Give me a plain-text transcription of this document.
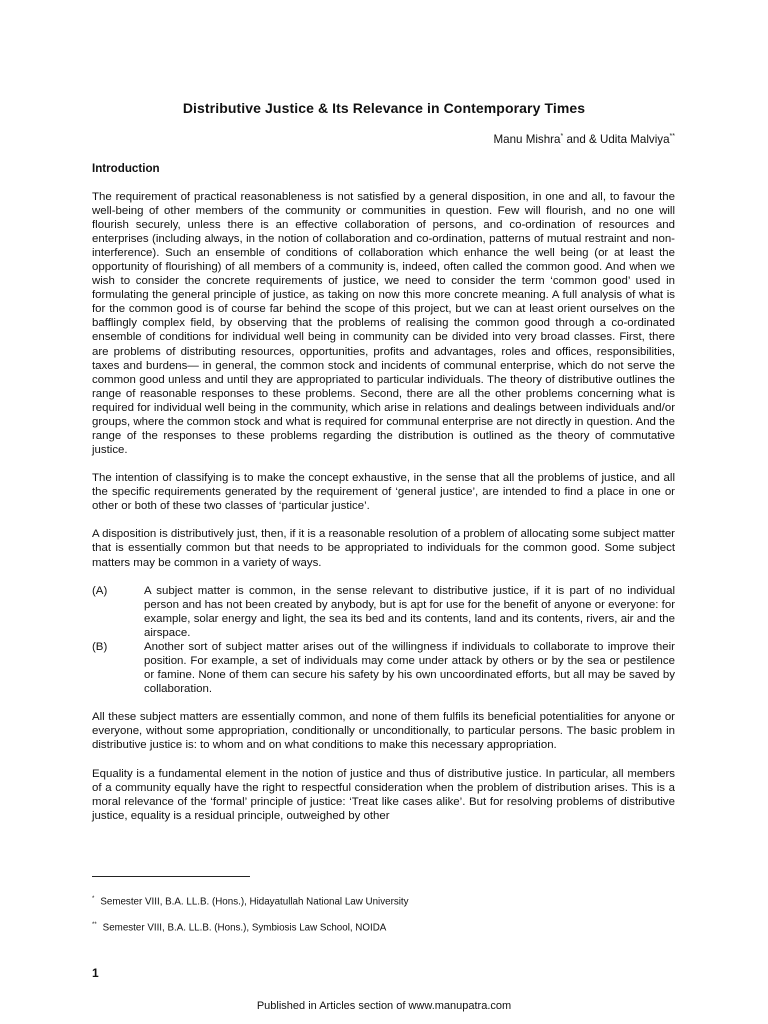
Distributive Justice & Its Relevance in Contemporary Times
Manu Mishra* and & Udita Malviya**
Introduction

The requirement of practical reasonableness is not satisfied by a general disposition, in one and all, to favour the well-being of other members of the community or communities in question. Few will flourish, and no one will flourish securely, unless there is an effective collaboration of persons, and co-ordination of resources and enterprises (including always, in the notion of collaboration and co-ordination, patterns of mutual restraint and non-interference). Such an ensemble of conditions of collaboration which enhance the well being (or at least the opportunity of flourishing) of all members of a community is, indeed, often called the common good. And when we wish to consider the concrete requirements of justice, we need to consider the term ‘common good’ used in formulating the general principle of justice, as taking on now this more concrete meaning. A full analysis of what is for the common good is of course far behind the scope of this project, but we can at least orient ourselves on the bafflingly complex field, by observing that the problems of realising the common good through a co-ordinated ensemble of conditions for individual well being in community can be divided into very broad classes. First, there are problems of distributing resources, opportunities, profits and advantages, roles and offices, responsibilities, taxes and burdens— in general, the common stock and incidents of communal enterprise, which do not serve the common good unless and until they are appropriated to particular individuals. The theory of distributive outlines the range of reasonable responses to these problems. Second, there are all the other problems concerning what is required for individual well being in the community, which arise in relations and dealings between individuals and/or groups, where the common stock and what is required for communal enterprise are not directly in question. And the range of the responses to these problems regarding the distribution is outlined as the theory of commutative justice.

The intention of classifying is to make the concept exhaustive, in the sense that all the problems of justice, and all the specific requirements generated by the requirement of ‘general justice’, are intended to find a place in one or other or both of these two classes of ‘particular justice’.

A disposition is distributively just, then, if it is a reasonable resolution of a problem of allocating some subject matter that is essentially common but that needs to be appropriated to individuals for the common good. Some subject matters may be common in a variety of ways.

(A)	A subject matter is common, in the sense relevant to distributive justice, if it is part of no individual person and has not been created by anybody, but is apt for use for the benefit of anyone or everyone: for example, solar energy and light, the sea its bed and its contents, land and its contents, rivers, air and the airspace.
(B)	Another sort of subject matter arises out of the willingness if individuals to collaborate to improve their position. For example, a set of individuals may come under attack by others or by the sea or pestilence or famine. None of them can secure his safety by his own uncoordinated efforts, but all may be saved by collaboration.

All these subject matters are essentially common, and none of them fulfils its beneficial potentialities for anyone or everyone, without some appropriation, conditionally or unconditionally, to particular persons. The basic problem in distributive justice is: to whom and on what conditions to make this necessary appropriation.

Equality is a fundamental element in the notion of justice and thus of distributive justice. In particular, all members of a community equally have the right to respectful consideration when the problem of distribution arises. This is a moral relevance of the ‘formal’ principle of justice: ‘Treat like cases alike’. But for resolving problems of distributive justice, equality is a residual principle, outweighed by other

* Semester VIII, B.A. LL.B. (Hons.), Hidayatullah National Law University
** Semester VIII, B.A. LL.B. (Hons.), Symbiosis Law School, NOIDA
1
Published in Articles section of www.manupatra.com
